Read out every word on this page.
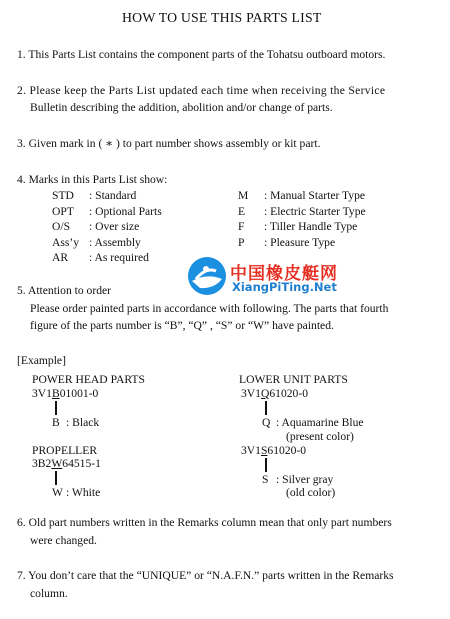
HOW TO USE THIS PARTS LIST
1. This Parts List contains the component parts of the Tohatsu outboard motors.
2. Please keep the Parts List updated each time when receiving the Service
Bulletin describing the addition, abolition and/or change of parts.
3. Given mark in ( ∗ ) to part number shows assembly or kit part.
4. Marks in this Parts List show:
STD : Standard
OPT : Optional Parts
O/S : Over size
Ass’y : Assembly
AR : As required
M : Manual Starter Type
E : Electric Starter Type
F : Tiller Handle Type
P : Pleasure Type
中国橡皮艇网
XiangPiTing.Net
5. Attention to order
Please order painted parts in accordance with following. The parts that fourth
figure of the parts number is “B”, “Q” , “S” or “W” have painted.
[Example]
POWER HEAD PARTS
3V1B01001-0
B : Black
LOWER UNIT PARTS
3V1Q61020-0
Q : Aquamarine Blue
(present color)
PROPELLER
3B2W64515-1
W : White
3V1S61020-0
S : Silver gray
(old color)
6. Old part numbers written in the Remarks column mean that only part numbers
were changed.
7. You don’t care that the “UNIQUE” or “N.A.F.N.” parts written in the Remarks
column.
